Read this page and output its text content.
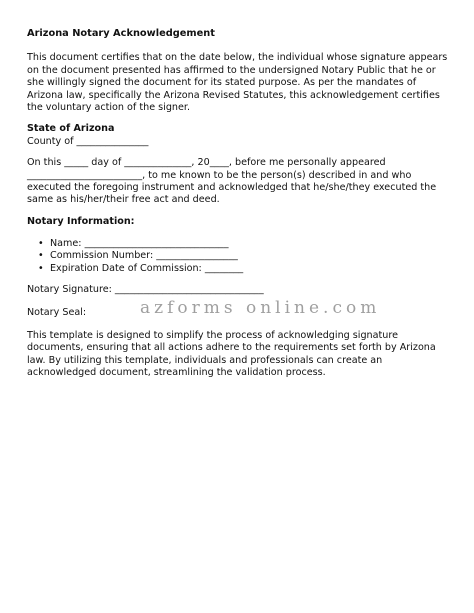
Arizona Notary Acknowledgement

This document certifies that on the date below, the individual whose signature appears on the document presented has affirmed to the undersigned Notary Public that he or she willingly signed the document for its stated purpose. As per the mandates of Arizona law, specifically the Arizona Revised Statutes, this acknowledgement certifies the voluntary action of the signer.

State of Arizona

County of _______________

On this _____ day of ______________, 20____, before me personally appeared ________________________, to me known to be the person(s) described in and who executed the foregoing instrument and acknowledged that he/she/they executed the same as his/her/their free act and deed.

Notary Information:

• Name: ______________________________
• Commission Number: _________________
• Expiration Date of Commission: ________

Notary Signature: _______________________________

Notary Seal:

This template is designed to simplify the process of acknowledging signature documents, ensuring that all actions adhere to the requirements set forth by Arizona law. By utilizing this template, individuals and professionals can create an acknowledged document, streamlining the validation process.

azforms online.com
